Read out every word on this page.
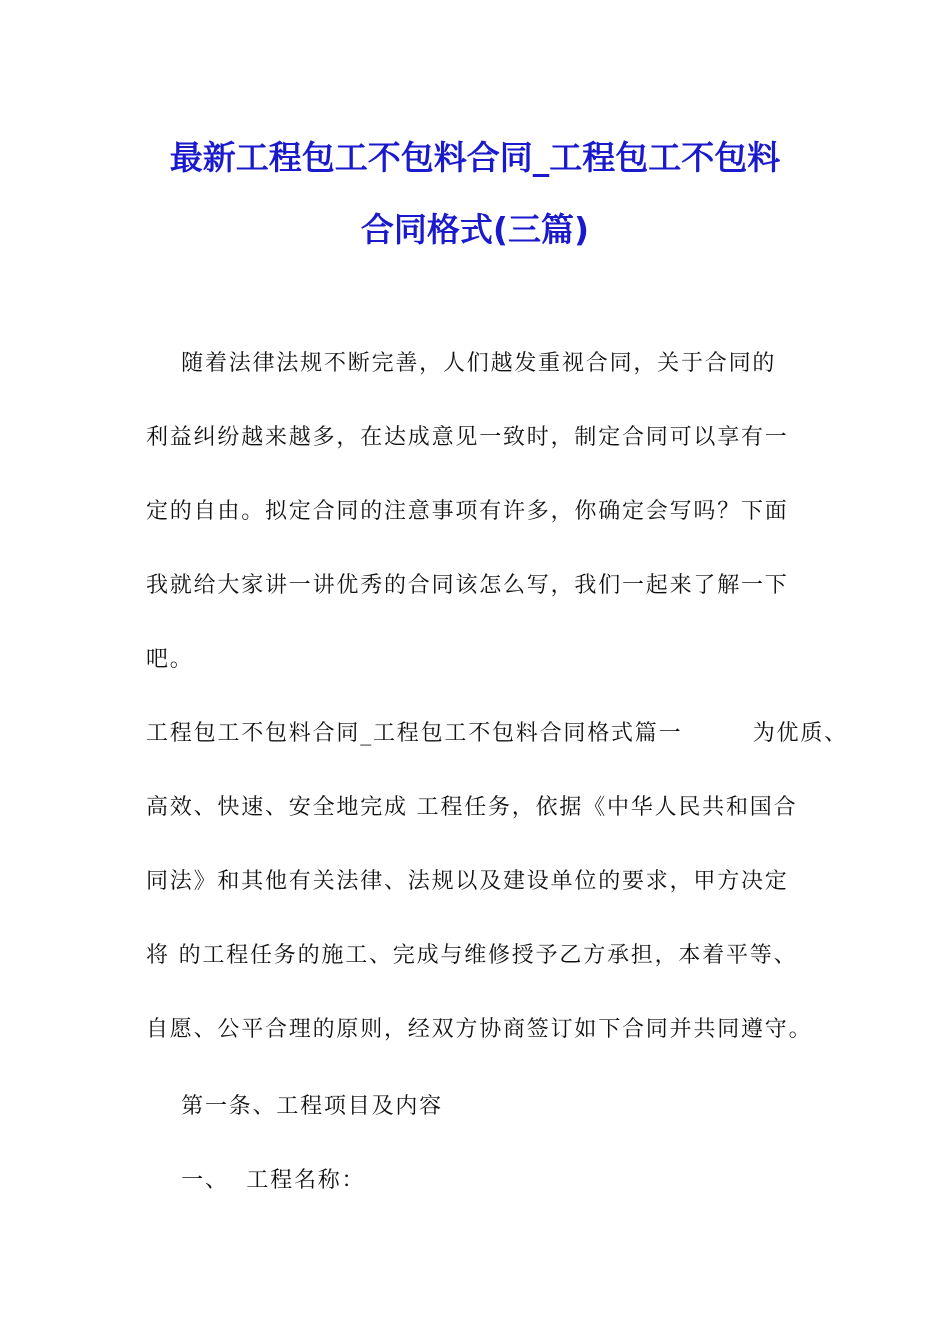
最新工程包工不包料合同_工程包工不包料
合同格式(三篇)
随着法律法规不断完善，人们越发重视合同，关于合同的
利益纠纷越来越多，在达成意见一致时，制定合同可以享有一
定的自由。拟定合同的注意事项有许多，你确定会写吗？下面
我就给大家讲一讲优秀的合同该怎么写，我们一起来了解一下
吧。
工程包工不包料合同_工程包工不包料合同格式篇一        为优质、
高效、快速、安全地完成 工程任务，依据《中华人民共和国合
同法》和其他有关法律、法规以及建设单位的要求，甲方决定
将 的工程任务的施工、完成与维修授予乙方承担，本着平等、
自愿、公平合理的原则，经双方协商签订如下合同并共同遵守。
第一条、工程项目及内容
一、  工程名称：
